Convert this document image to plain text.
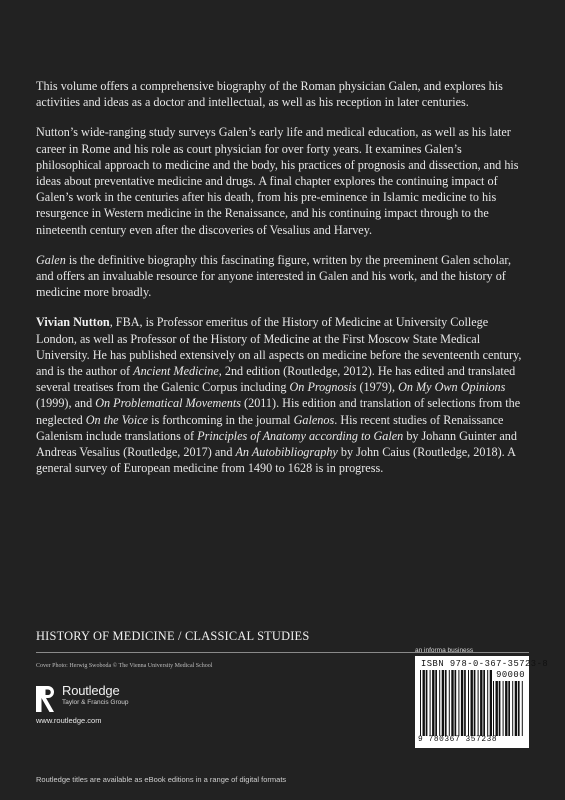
This volume offers a comprehensive biography of the Roman physician Galen, and explores his activities and ideas as a doctor and intellectual, as well as his reception in later centuries.

Nutton’s wide-ranging study surveys Galen’s early life and medical education, as well as his later career in Rome and his role as court physician for over forty years. It examines Galen’s philosophical approach to medicine and the body, his practices of prognosis and dissection, and his ideas about preventative medicine and drugs. A final chapter explores the continuing impact of Galen’s work in the centuries after his death, from his pre-eminence in Islamic medicine to his resurgence in Western medicine in the Renaissance, and his continuing impact through to the nineteenth century even after the discoveries of Vesalius and Harvey.

Galen is the definitive biography this fascinating figure, written by the preeminent Galen scholar, and offers an invaluable resource for anyone interested in Galen and his work, and the history of medicine more broadly.

Vivian Nutton, FBA, is Professor emeritus of the History of Medicine at University College London, as well as Professor of the History of Medicine at the First Moscow State Medical University. He has published extensively on all aspects on medicine before the seventeenth century, and is the author of Ancient Medicine, 2nd edition (Routledge, 2012). He has edited and translated several treatises from the Galenic Corpus including On Prognosis (1979), On My Own Opinions (1999), and On Problematical Movements (2011). His edition and translation of selections from the neglected On the Voice is forthcoming in the journal Galenos. His recent studies of Renaissance Galenism include translations of Principles of Anatomy according to Galen by Johann Guinter and Andreas Vesalius (Routledge, 2017) and An Autobibliography by John Caius (Routledge, 2018). A general survey of European medicine from 1490 to 1628 is in progress.

HISTORY OF MEDICINE / CLASSICAL STUDIES
Cover Photo: Herwig Swoboda © The Vienna University Medical School
Routledge
Taylor & Francis Group
www.routledge.com
Routledge titles are available as eBook editions in a range of digital formats
an informa business
ISBN 978-0-367-35723-8
90000
9 780367 357238
